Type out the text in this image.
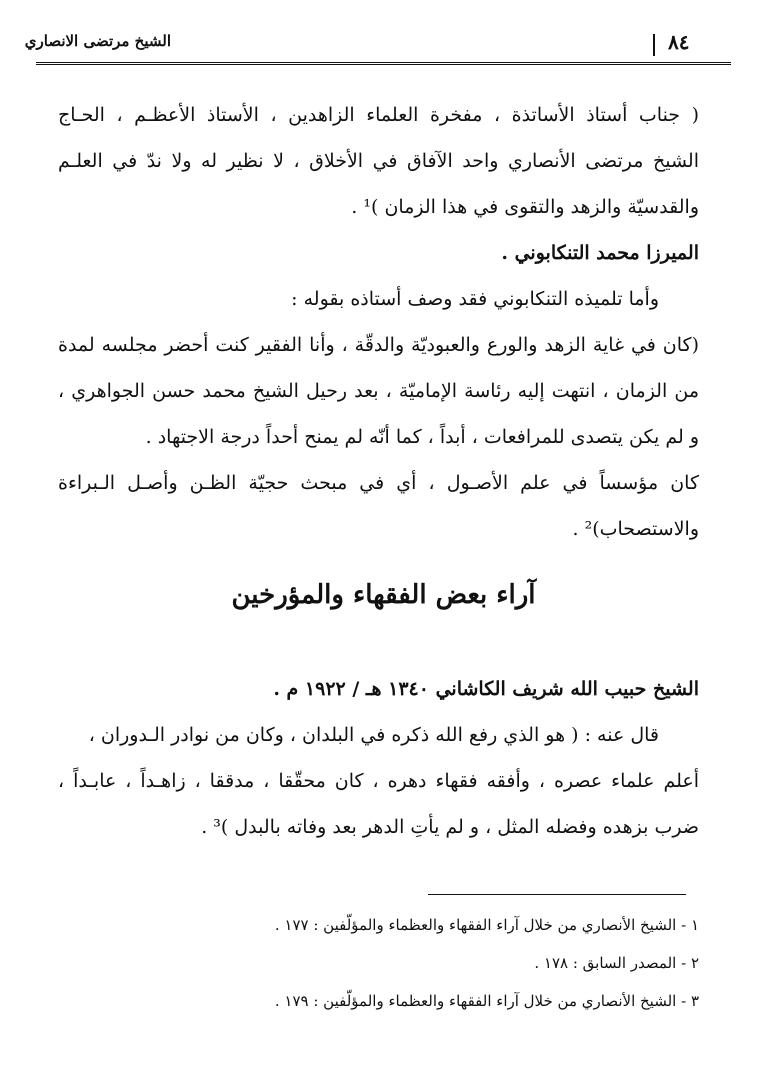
الشيخ مرتضى الانصاري	٨٤
( جناب أستاذ الأساتذة ، مفخرة العلماء الزاهدين ، الأستاذ الأعظـم ، الحـاج
الشيخ مرتضى الأنصاري واحد الآفاق في الأخلاق ، لا نظير له ولا ندّ في العلـم
والقدسيّة والزهد والتقوى في هذا الزمان )¹ .
الميرزا محمد التنكابوني .
وأما تلميذه التنكابوني فقد وصف أستاذه بقوله :
(كان في غاية الزهد والورع والعبوديّة والدقّة ، وأنا الفقير كنت أحضر مجلسه لمدة
من الزمان ، انتهت إليه رئاسة الإماميّة ، بعد رحيل الشيخ محمد حسن الجواهري ،
و لم يكن يتصدى للمرافعات ، أبداً ، كما أنّه لم يمنح أحداً درجة الاجتهاد .
كان مؤسساً في علم الأصـول ، أي في مبحث حجيّة الظـن وأصـل الـبراءة
والاستصحاب)² .
آراء بعض الفقهاء والمؤرخين
الشيخ حبيب الله شريف الكاشاني ١٣٤٠ هـ / ١٩٢٢ م .
قال عنه : ( هو الذي رفع الله ذكره في البلدان ، وكان من نوادر الـدوران ،
أعلم علماء عصره ، وأفقه فقهاء دهره ، كان محقّقا ، مدققا ، زاهـداً ، عابـداً ،
ضرب بزهده وفضله المثل ، و لم يأتِ الدهر بعد وفاته بالبدل )³ .
١ - الشيخ الأنصاري من خلال آراء الفقهاء والعظماء والمؤلّفين : ١٧٧ .
٢ - المصدر السابق : ١٧٨ .
٣ - الشيخ الأنصاري من خلال آراء الفقهاء والعظماء والمؤلّفين : ١٧٩ .
